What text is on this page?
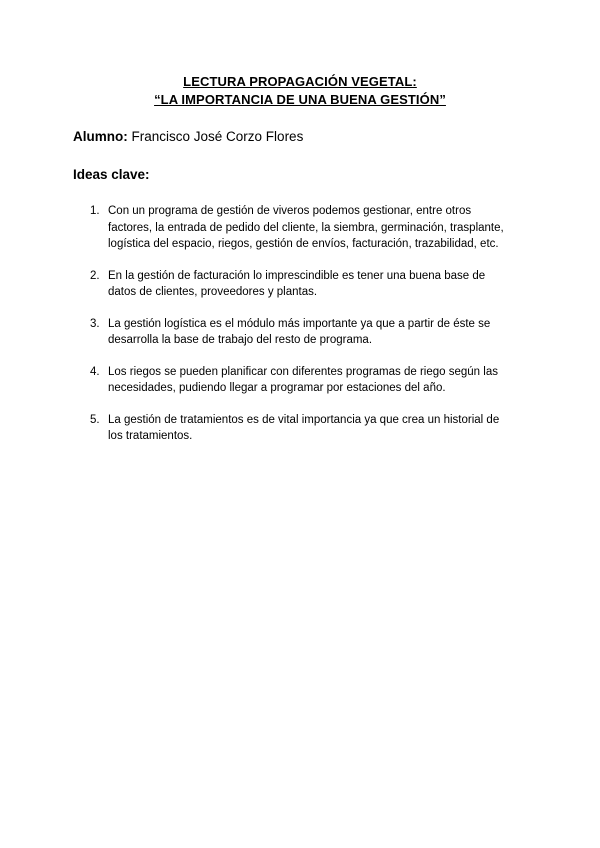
LECTURA PROPAGACIÓN VEGETAL:
“LA IMPORTANCIA DE UNA BUENA GESTIÓN”
Alumno: Francisco José Corzo Flores
Ideas clave:
1. Con un programa de gestión de viveros podemos gestionar, entre otros
factores, la entrada de pedido del cliente, la siembra, germinación, trasplante,
logística del espacio, riegos, gestión de envíos, facturación, trazabilidad, etc.
2. En la gestión de facturación lo imprescindible es tener una buena base de
datos de clientes, proveedores y plantas.
3. La gestión logística es el módulo más importante ya que a partir de éste se
desarrolla la base de trabajo del resto de programa.
4. Los riegos se pueden planificar con diferentes programas de riego según las
necesidades, pudiendo llegar a programar por estaciones del año.
5. La gestión de tratamientos es de vital importancia ya que crea un historial de
los tratamientos.
